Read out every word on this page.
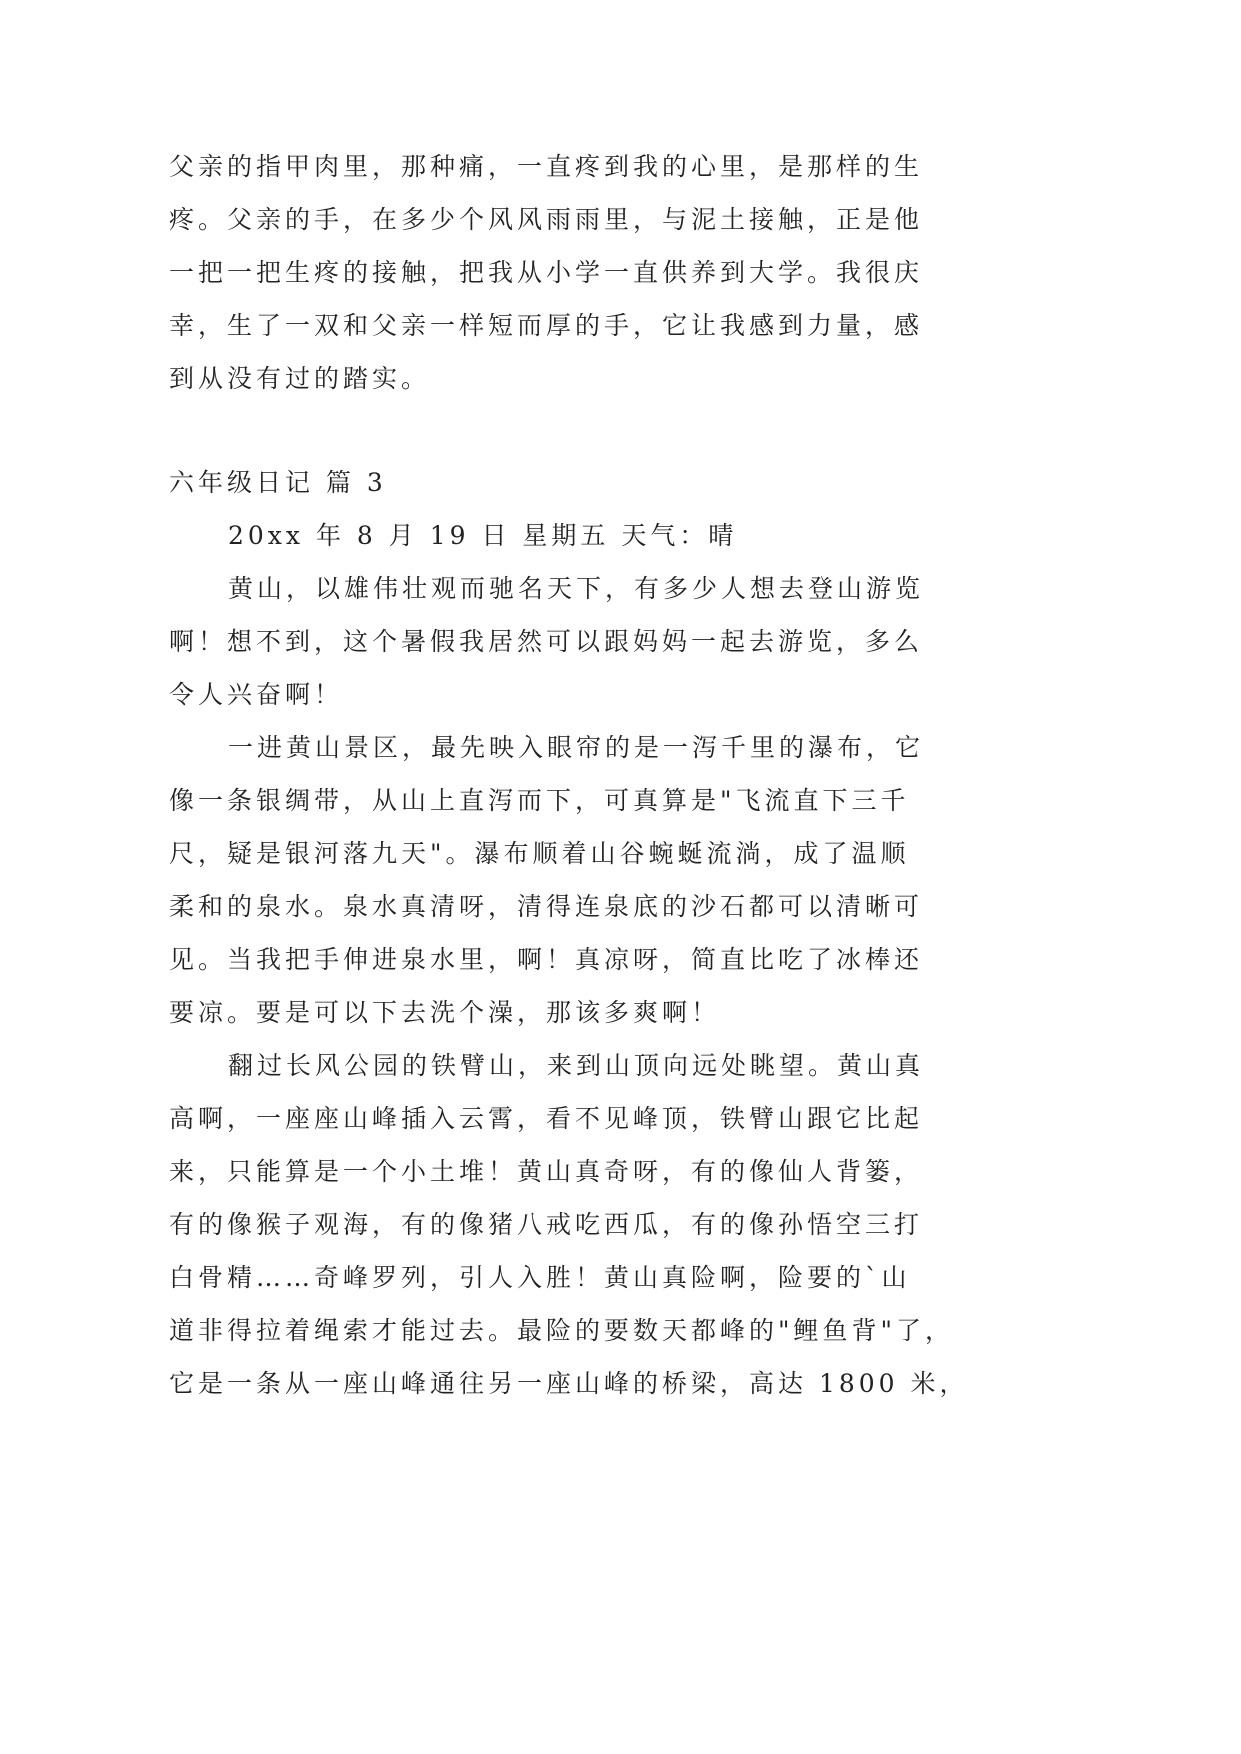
父亲的指甲肉里，那种痛，一直疼到我的心里，是那样的生
疼。父亲的手，在多少个风风雨雨里，与泥土接触，正是他
一把一把生疼的接触，把我从小学一直供养到大学。我很庆
幸，生了一双和父亲一样短而厚的手，它让我感到力量，感
到从没有过的踏实。
六年级日记 篇 3
20xx 年 8 月 19 日 星期五 天气：晴
黄山，以雄伟壮观而驰名天下，有多少人想去登山游览
啊！想不到，这个暑假我居然可以跟妈妈一起去游览，多么
令人兴奋啊！
一进黄山景区，最先映入眼帘的是一泻千里的瀑布，它
像一条银绸带，从山上直泻而下，可真算是"飞流直下三千
尺，疑是银河落九天"。瀑布顺着山谷蜿蜒流淌，成了温顺
柔和的泉水。泉水真清呀，清得连泉底的沙石都可以清晰可
见。当我把手伸进泉水里，啊！真凉呀，简直比吃了冰棒还
要凉。要是可以下去洗个澡，那该多爽啊！
翻过长风公园的铁臂山，来到山顶向远处眺望。黄山真
高啊，一座座山峰插入云霄，看不见峰顶，铁臂山跟它比起
来，只能算是一个小土堆！黄山真奇呀，有的像仙人背篓，
有的像猴子观海，有的像猪八戒吃西瓜，有的像孙悟空三打
白骨精……奇峰罗列，引人入胜！黄山真险啊，险要的`山
道非得拉着绳索才能过去。最险的要数天都峰的"鲤鱼背"了，
它是一条从一座山峰通往另一座山峰的桥梁，高达 1800 米，
